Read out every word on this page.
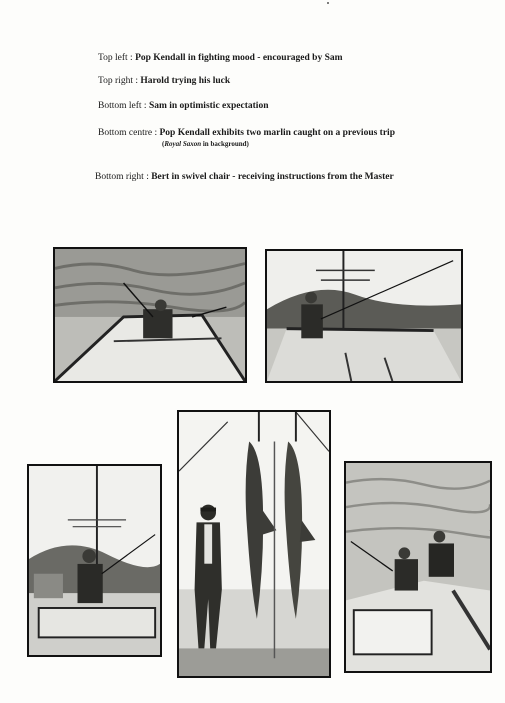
Top left : Pop Kendall in fighting mood - encouraged by Sam
Top right : Harold trying his luck
Bottom left : Sam in optimistic expectation
Bottom centre : Pop Kendall exhibits two marlin caught on a previous trip
(Royal Saxon in background)
Bottom right : Bert in swivel chair - receiving instructions from the Master
